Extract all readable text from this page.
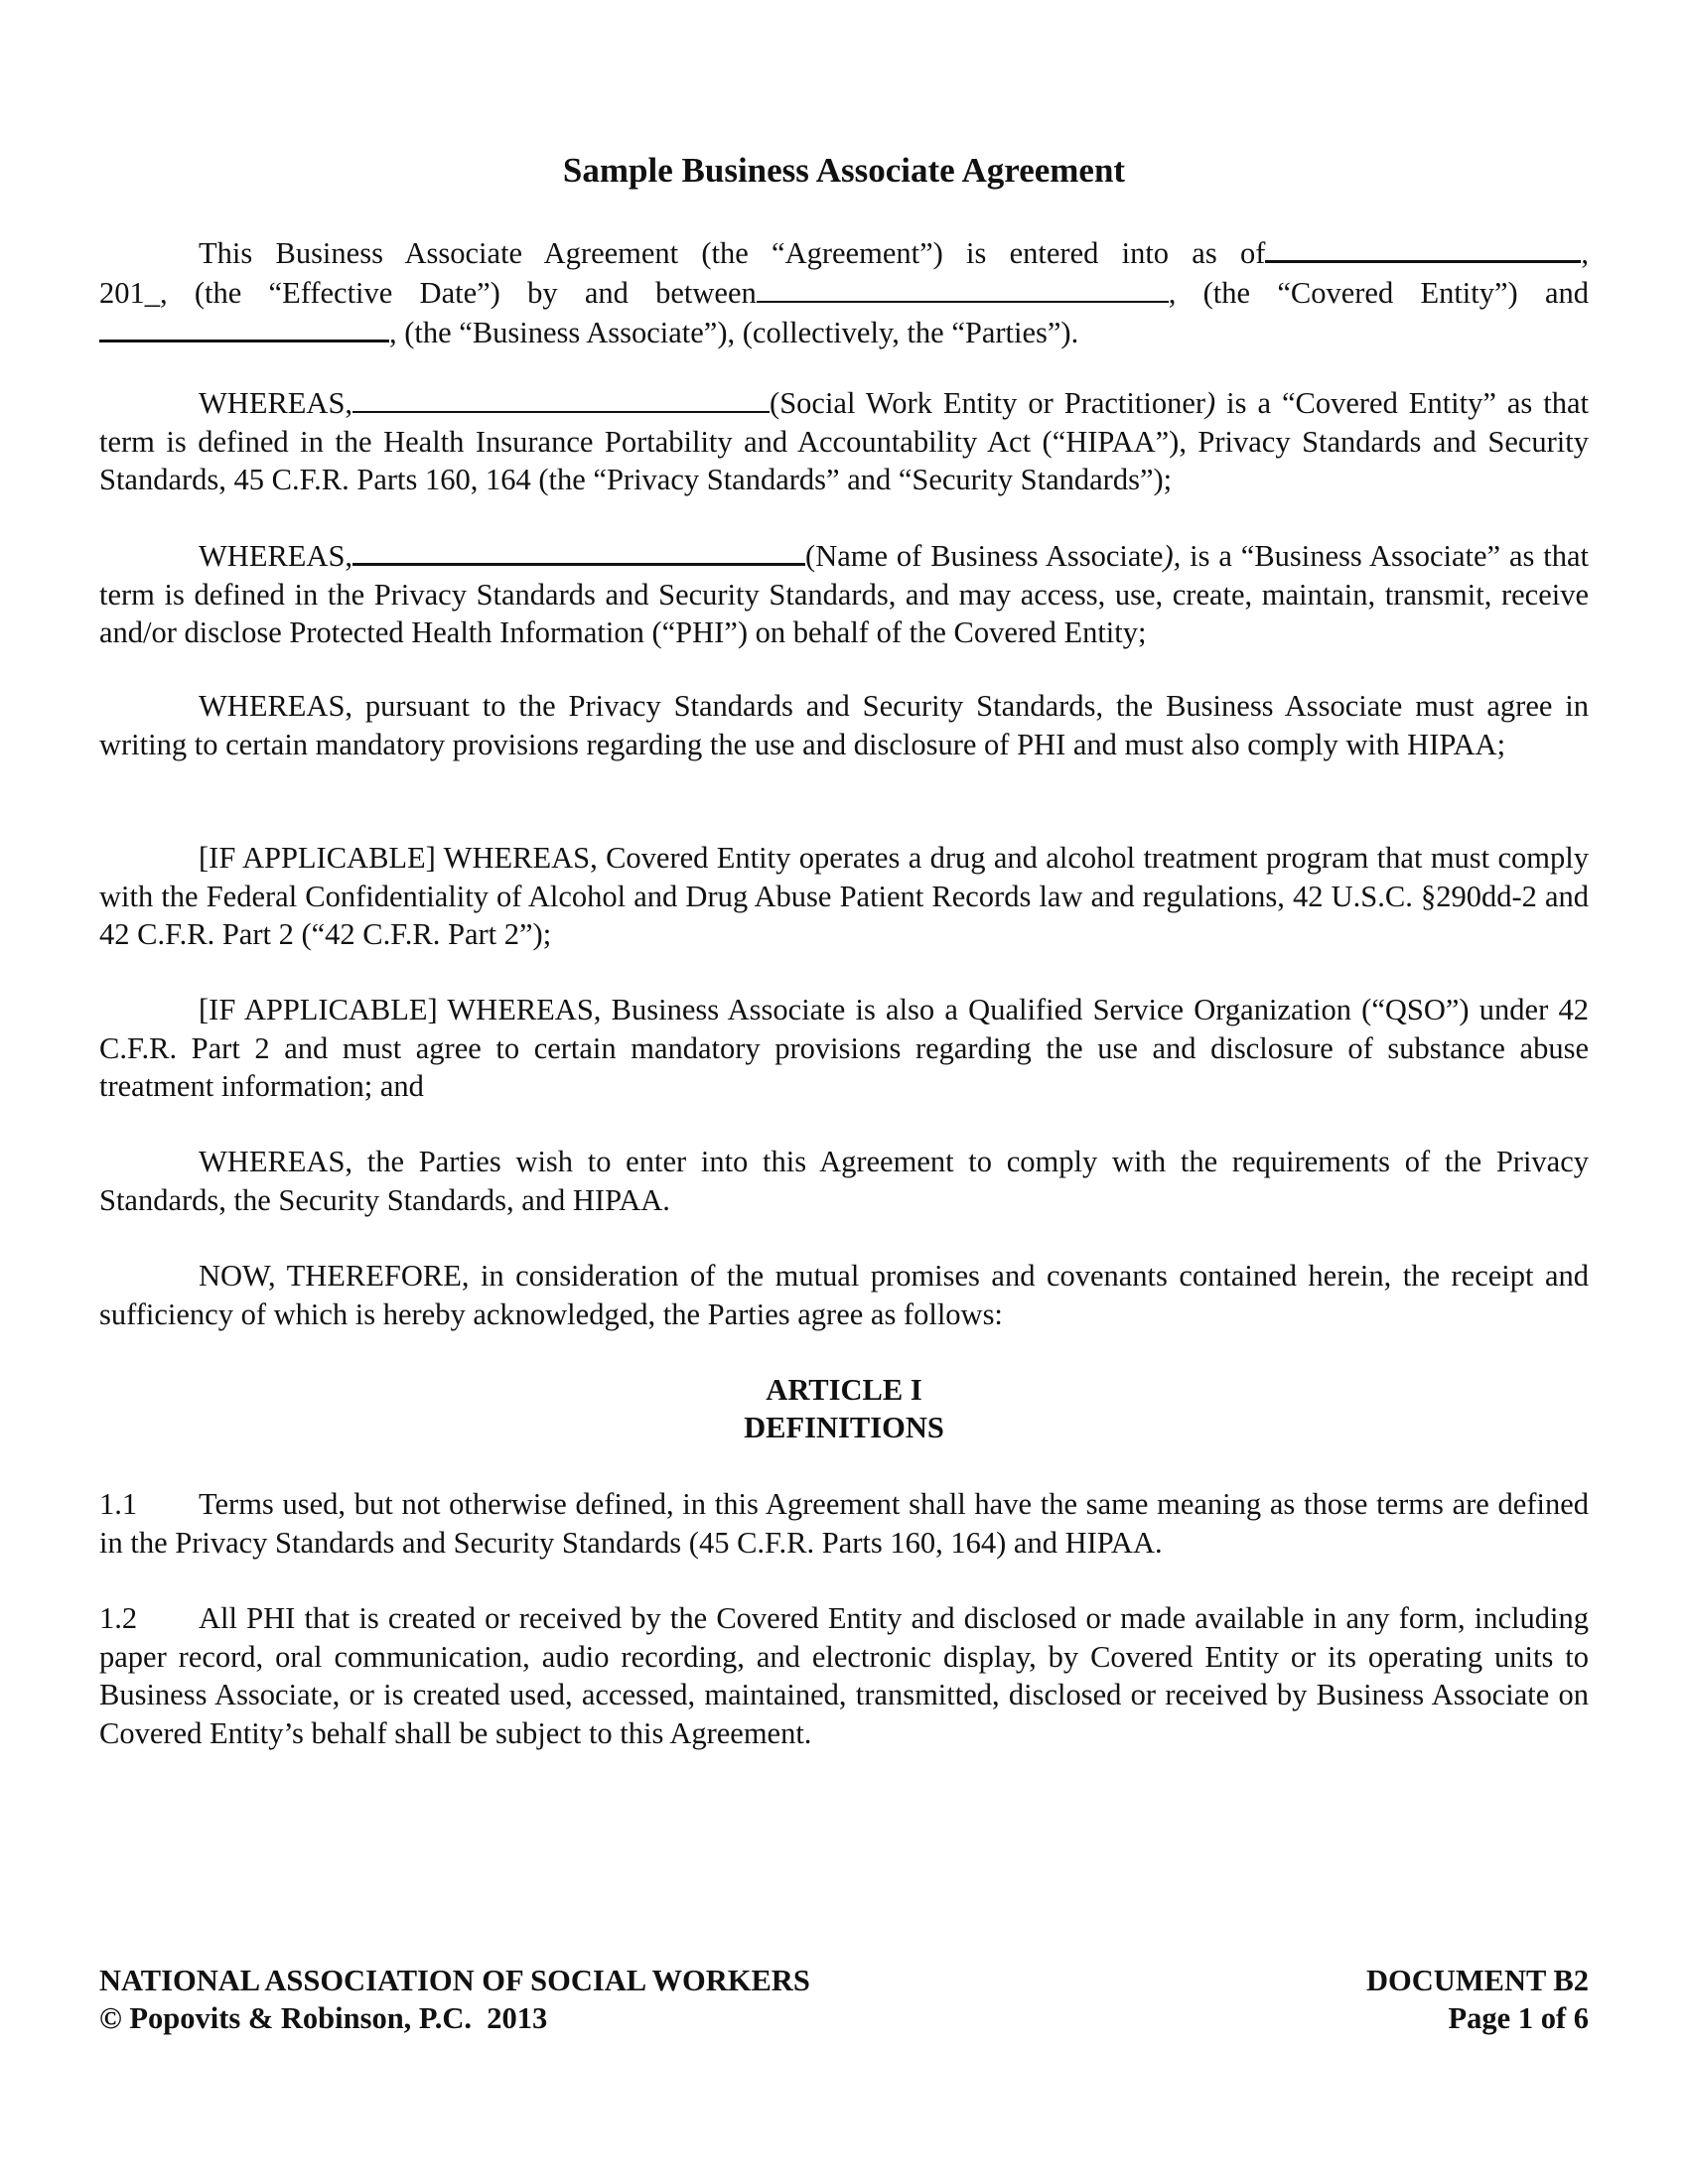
Sample Business Associate Agreement
This Business Associate Agreement (the “Agreement”) is entered into as of	,
201_, (the “Effective Date”) by and between	, (the “Covered Entity”) and
, (the “Business Associate”), (collectively, the “Parties”).
WHEREAS,	(Social Work Entity or Practitioner) is a “Covered Entity” as that term is defined in the Health Insurance Portability and Accountability Act (“HIPAA”), Privacy Standards and Security Standards, 45 C.F.R. Parts 160, 164 (the “Privacy Standards” and “Security Standards”);
WHEREAS,	(Name of Business Associate), is a “Business Associate” as that term is defined in the Privacy Standards and Security Standards, and may access, use, create, maintain, transmit, receive and/or disclose Protected Health Information (“PHI”) on behalf of the Covered Entity;
WHEREAS, pursuant to the Privacy Standards and Security Standards, the Business Associate must agree in writing to certain mandatory provisions regarding the use and disclosure of PHI and must also comply with HIPAA;
[IF APPLICABLE] WHEREAS, Covered Entity operates a drug and alcohol treatment program that must comply with the Federal Confidentiality of Alcohol and Drug Abuse Patient Records law and regulations, 42 U.S.C. §290dd-2 and 42 C.F.R. Part 2 (“42 C.F.R. Part 2”);
[IF APPLICABLE] WHEREAS, Business Associate is also a Qualified Service Organization (“QSO”) under 42 C.F.R. Part 2 and must agree to certain mandatory provisions regarding the use and disclosure of substance abuse treatment information; and
WHEREAS, the Parties wish to enter into this Agreement to comply with the requirements of the Privacy Standards, the Security Standards, and HIPAA.
NOW, THEREFORE, in consideration of the mutual promises and covenants contained herein, the receipt and sufficiency of which is hereby acknowledged, the Parties agree as follows:
ARTICLE I
DEFINITIONS
1.1 Terms used, but not otherwise defined, in this Agreement shall have the same meaning as those terms are defined in the Privacy Standards and Security Standards (45 C.F.R. Parts 160, 164) and HIPAA.
1.2 All PHI that is created or received by the Covered Entity and disclosed or made available in any form, including paper record, oral communication, audio recording, and electronic display, by Covered Entity or its operating units to Business Associate, or is created used, accessed, maintained, transmitted, disclosed or received by Business Associate on Covered Entity’s behalf shall be subject to this Agreement.
NATIONAL ASSOCIATION OF SOCIAL WORKERS	DOCUMENT B2
© Popovits & Robinson, P.C.  2013	Page 1 of 6
